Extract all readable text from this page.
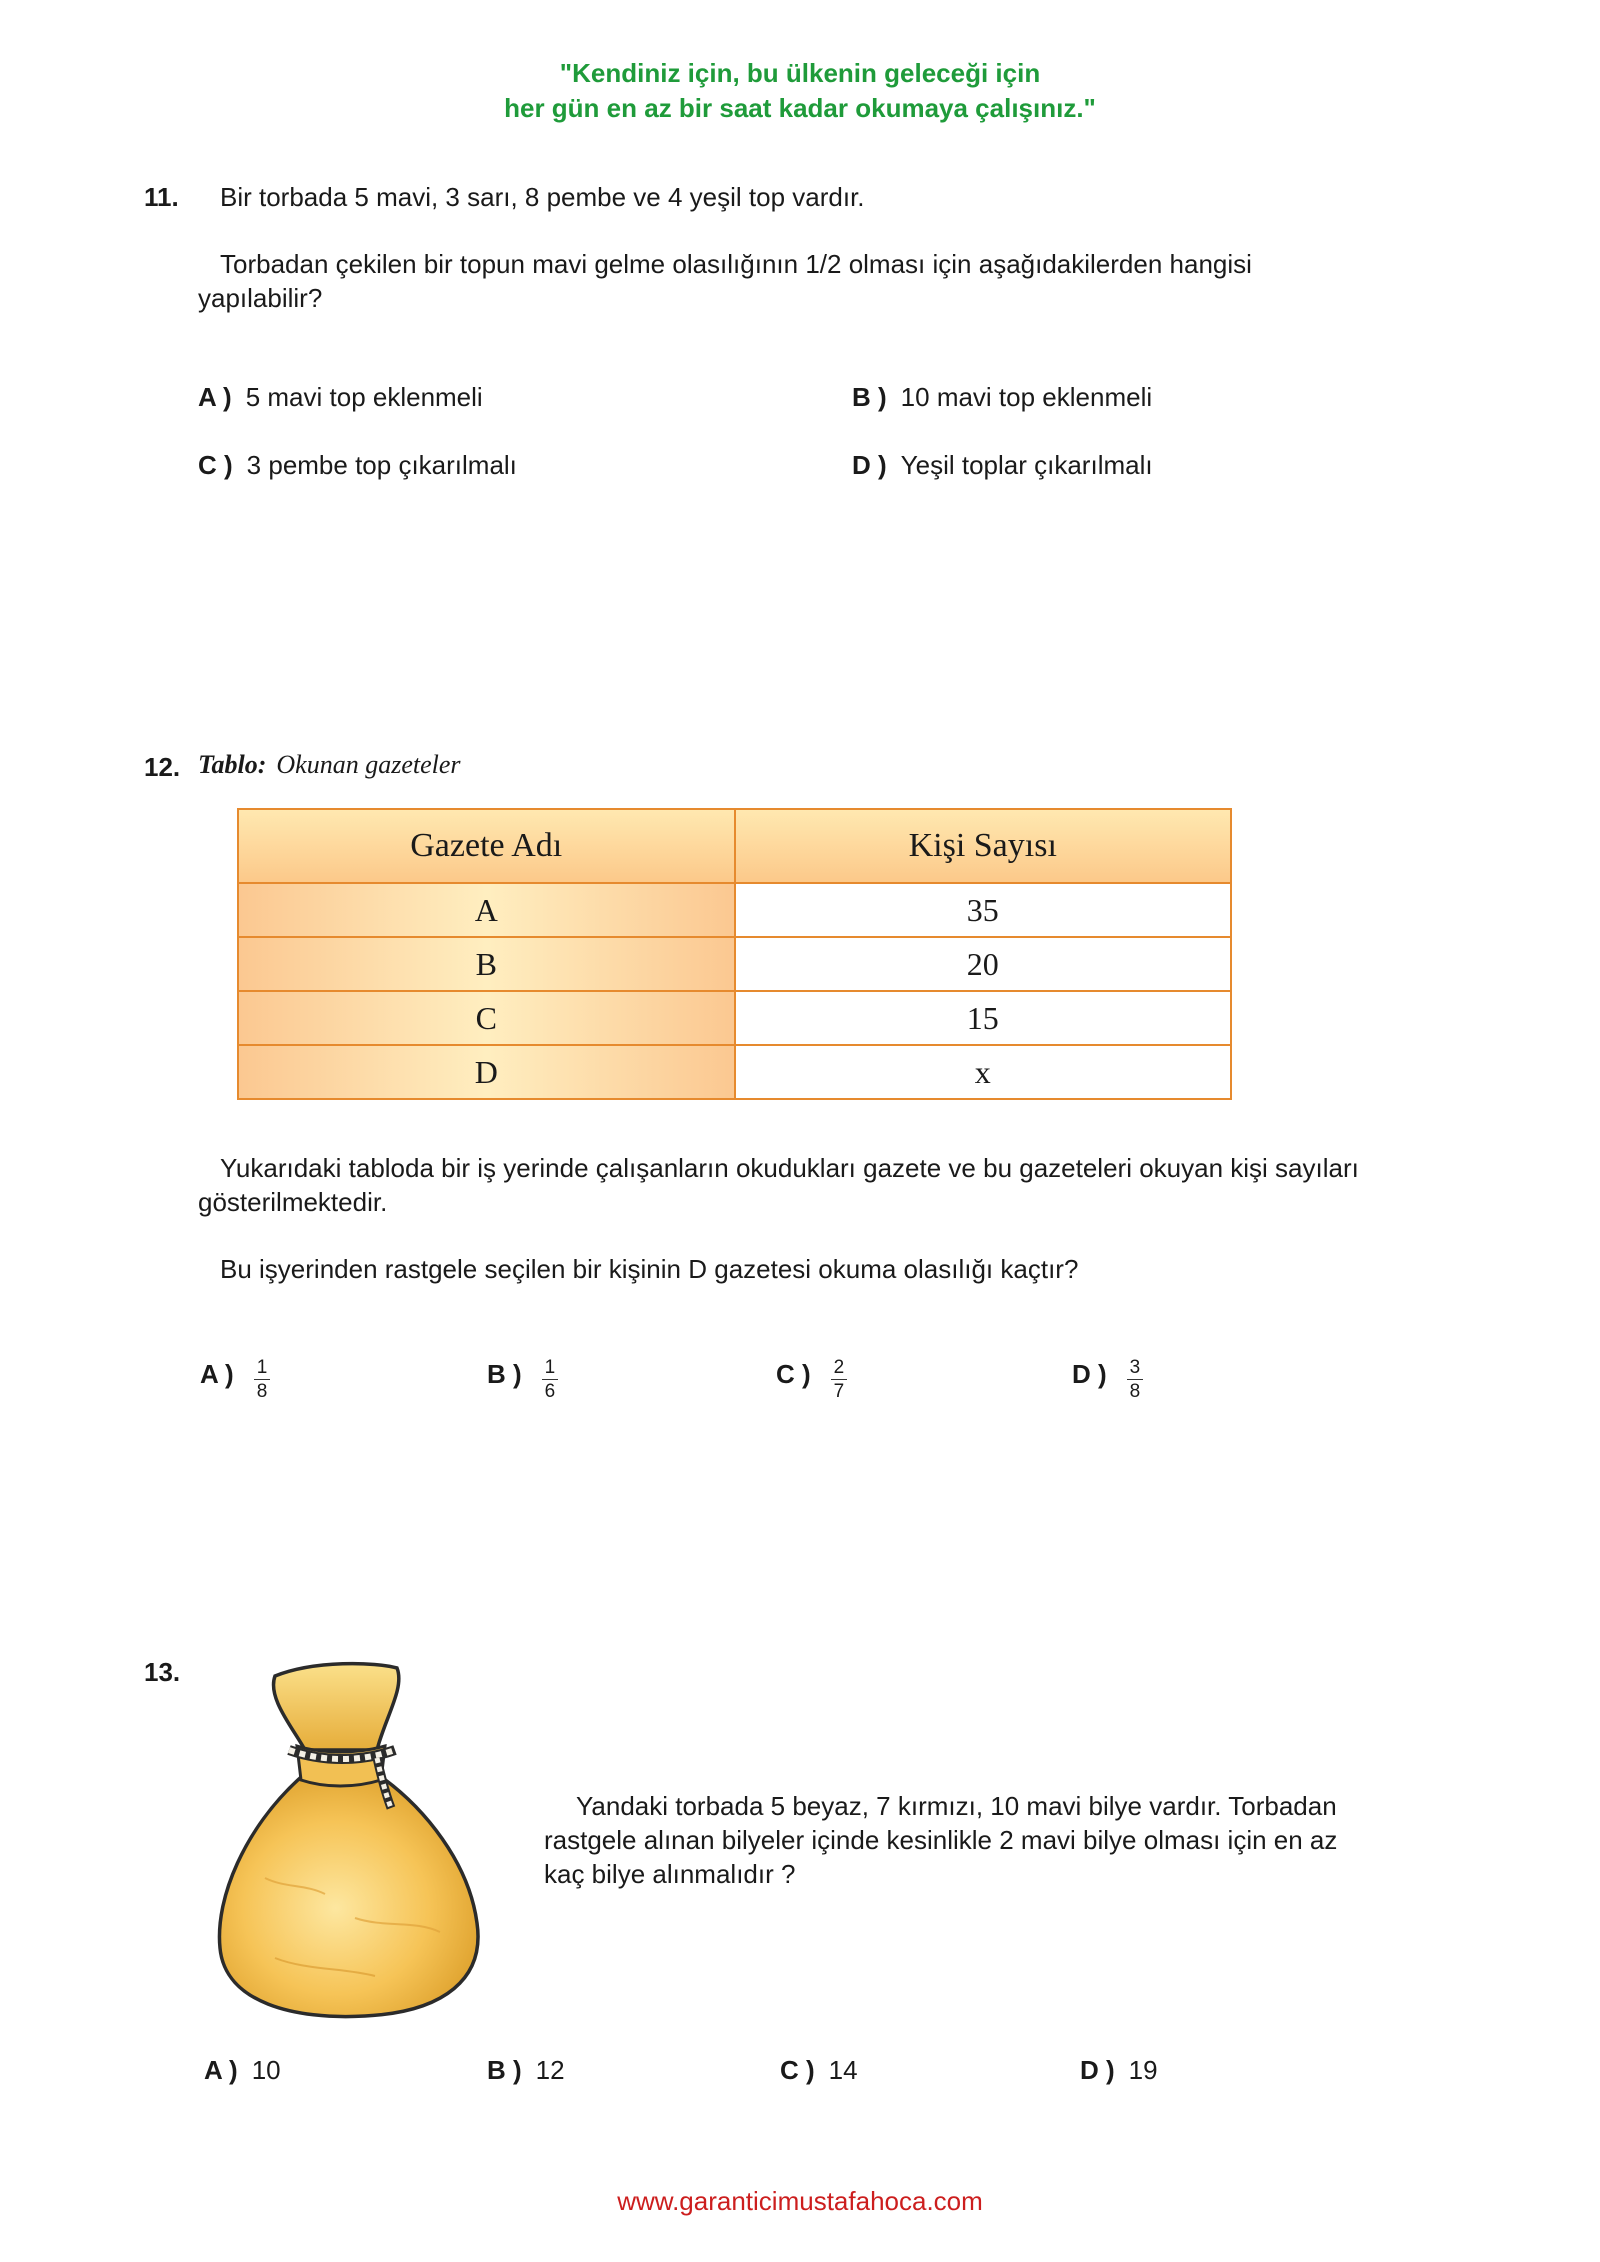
"Kendiniz için, bu ülkenin geleceği için
her gün en az bir saat kadar okumaya çalışınız."
11. Bir torbada 5 mavi, 3 sarı, 8 pembe ve 4 yeşil top vardır.
Torbadan çekilen bir topun mavi gelme olasılığının 1/2 olması için aşağıdakilerden hangisi yapılabilir?
A ) 5 mavi top eklenmeli	B ) 10 mavi top eklenmeli
C ) 3 pembe top çıkarılmalı	D ) Yeşil toplar çıkarılmalı
12. Tablo: Okunan gazeteler
Gazete Adı	Kişi Sayısı
A	35
B	20
C	15
D	x
Yukarıdaki tabloda bir iş yerinde çalışanların okudukları gazete ve bu gazeteleri okuyan kişi sayıları gösterilmektedir.
Bu işyerinden rastgele seçilen bir kişinin D gazetesi okuma olasılığı kaçtır?
A ) $\frac{1}{8}$	B ) $\frac{1}{6}$	C ) $\frac{2}{7}$	D ) $\frac{3}{8}$
13.
Yandaki torbada 5 beyaz, 7 kırmızı, 10 mavi bilye vardır. Torbadan rastgele alınan bilyeler içinde kesinlikle 2 mavi bilye olması için en az kaç bilye alınmalıdır ?
A ) 10	B ) 12	C ) 14	D ) 19
www.garanticimustafahoca.com
